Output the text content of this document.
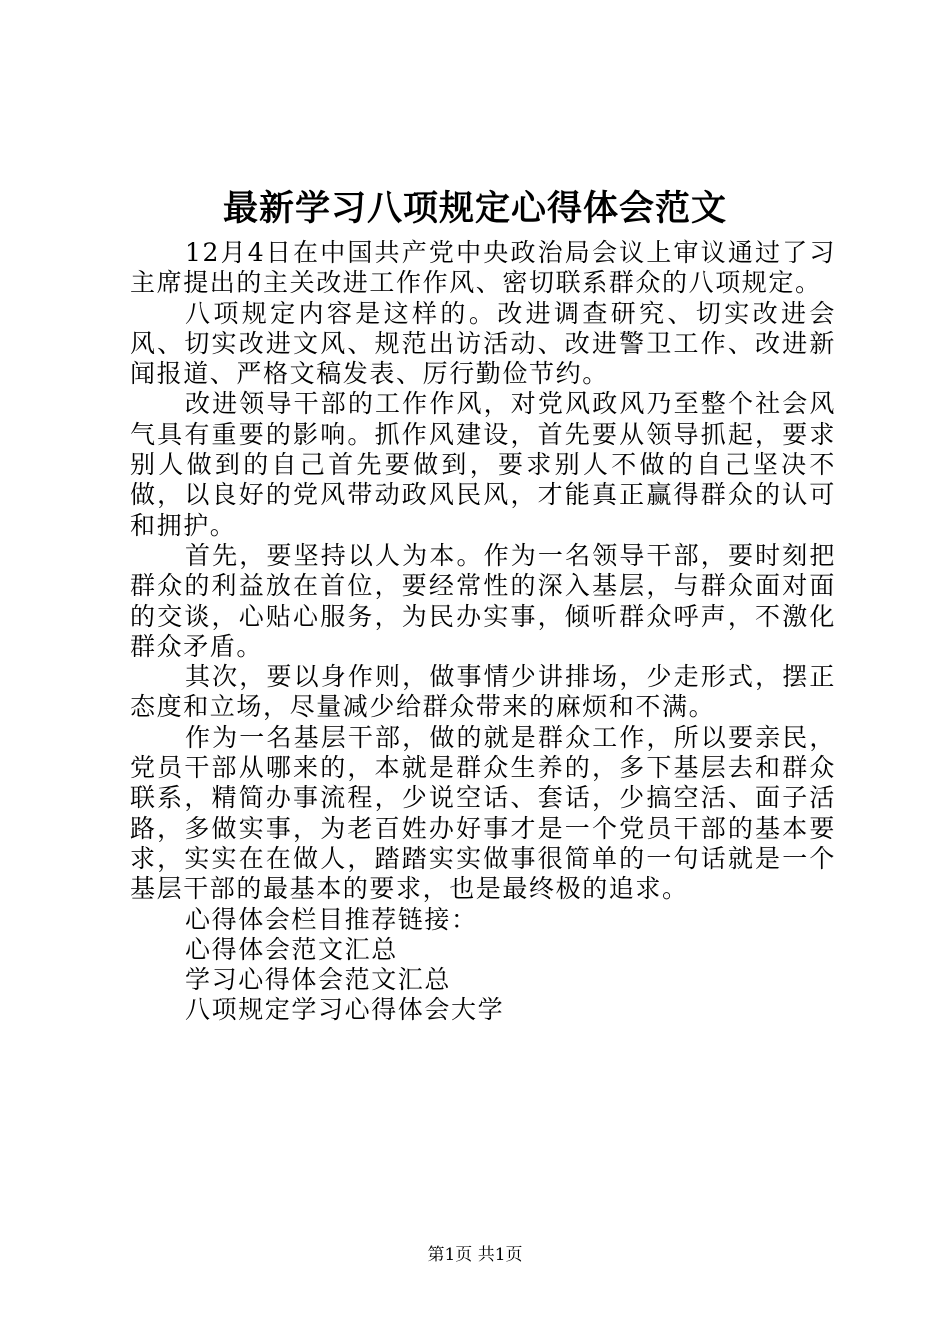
最新学习八项规定心得体会范文

12月4日在中国共产党中央政治局会议上审议通过了习主席提出的主关改进工作作风、密切联系群众的八项规定。

八项规定内容是这样的。改进调查研究、切实改进会风、切实改进文风、规范出访活动、改进警卫工作、改进新闻报道、严格文稿发表、厉行勤俭节约。

改进领导干部的工作作风，对党风政风乃至整个社会风气具有重要的影响。抓作风建设，首先要从领导抓起，要求别人做到的自己首先要做到，要求别人不做的自己坚决不做，以良好的党风带动政风民风，才能真正赢得群众的认可和拥护。

首先，要坚持以人为本。作为一名领导干部，要时刻把群众的利益放在首位，要经常性的深入基层，与群众面对面的交谈，心贴心服务，为民办实事，倾听群众呼声，不激化群众矛盾。

其次，要以身作则，做事情少讲排场，少走形式，摆正态度和立场，尽量减少给群众带来的麻烦和不满。

作为一名基层干部，做的就是群众工作，所以要亲民，党员干部从哪来的，本就是群众生养的，多下基层去和群众联系，精简办事流程，少说空话、套话，少搞空活、面子活路，多做实事，为老百姓办好事才是一个党员干部的基本要求，实实在在做人，踏踏实实做事很简单的一句话就是一个基层干部的最基本的要求，也是最终极的追求。

心得体会栏目推荐链接：

心得体会范文汇总

学习心得体会范文汇总

八项规定学习心得体会大学

第1页 共1页
